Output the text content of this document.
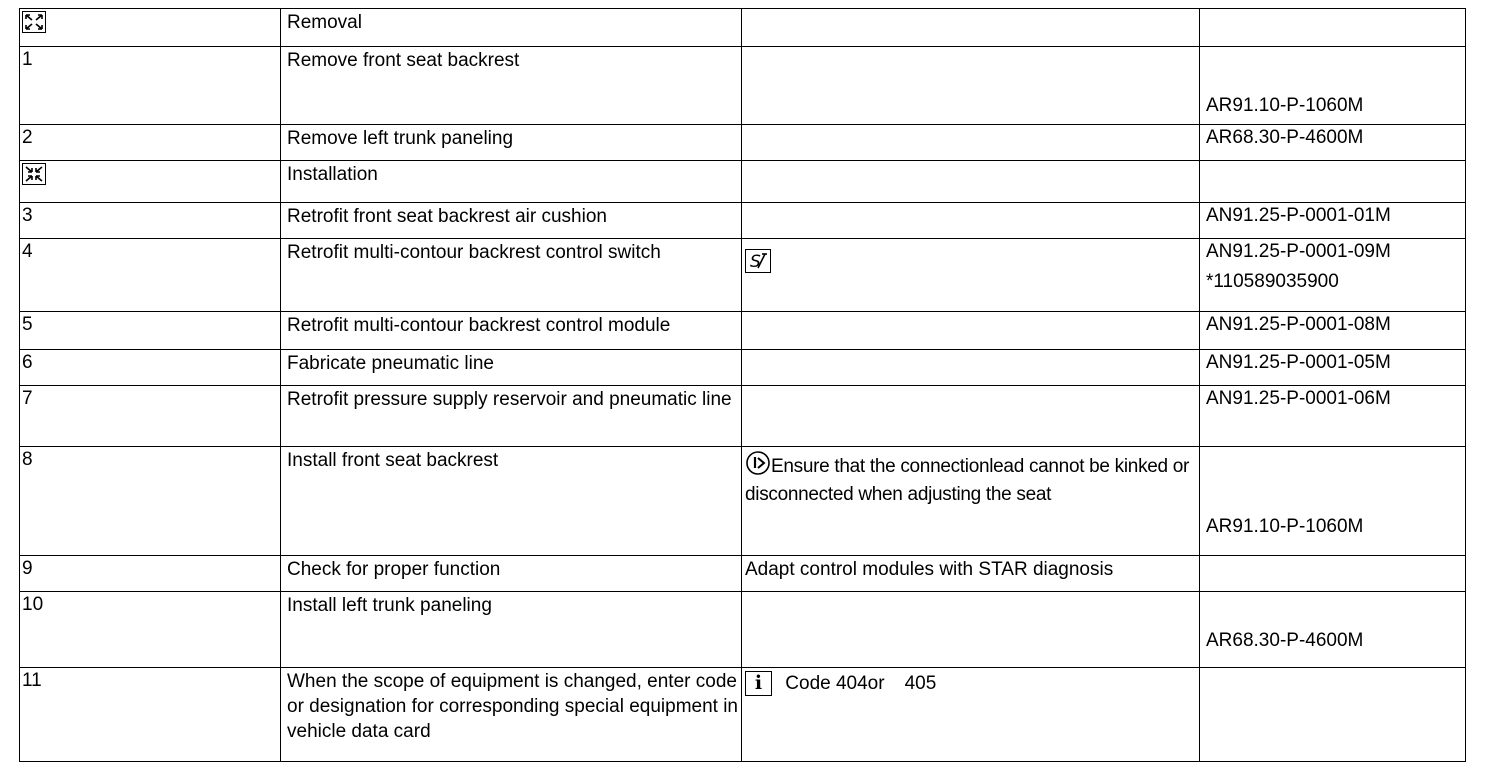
	Removal		
1	Remove front seat backrest		AR91.10-P-1060M

2	Remove left trunk paneling		AR68.30-P-4600M

	Installation		
3	Retrofit front seat backrest air cushion		AN91.25-P-0001-01M

4	Retrofit multi-contour backrest control switch	S	AN91.25-P-0001-09M
*110589035900

5	Retrofit multi-contour backrest control module		AN91.25-P-0001-08M

6	Fabricate pneumatic line		AN91.25-P-0001-05M

7	Retrofit pressure supply reservoir and pneumatic line		AN91.25-P-0001-06M

8	Install front seat backrest	Ensure that the connectionlead cannot be kinked or disconnected when adjusting the seat	AR91.10-P-1060M

9	Check for proper function	Adapt control modules with STAR diagnosis	
10	Install left trunk paneling		AR68.30-P-4600M

11	When the scope of equipment is changed, enter code or designation for corresponding special equipment in vehicle data card	i Code 404or 405	
